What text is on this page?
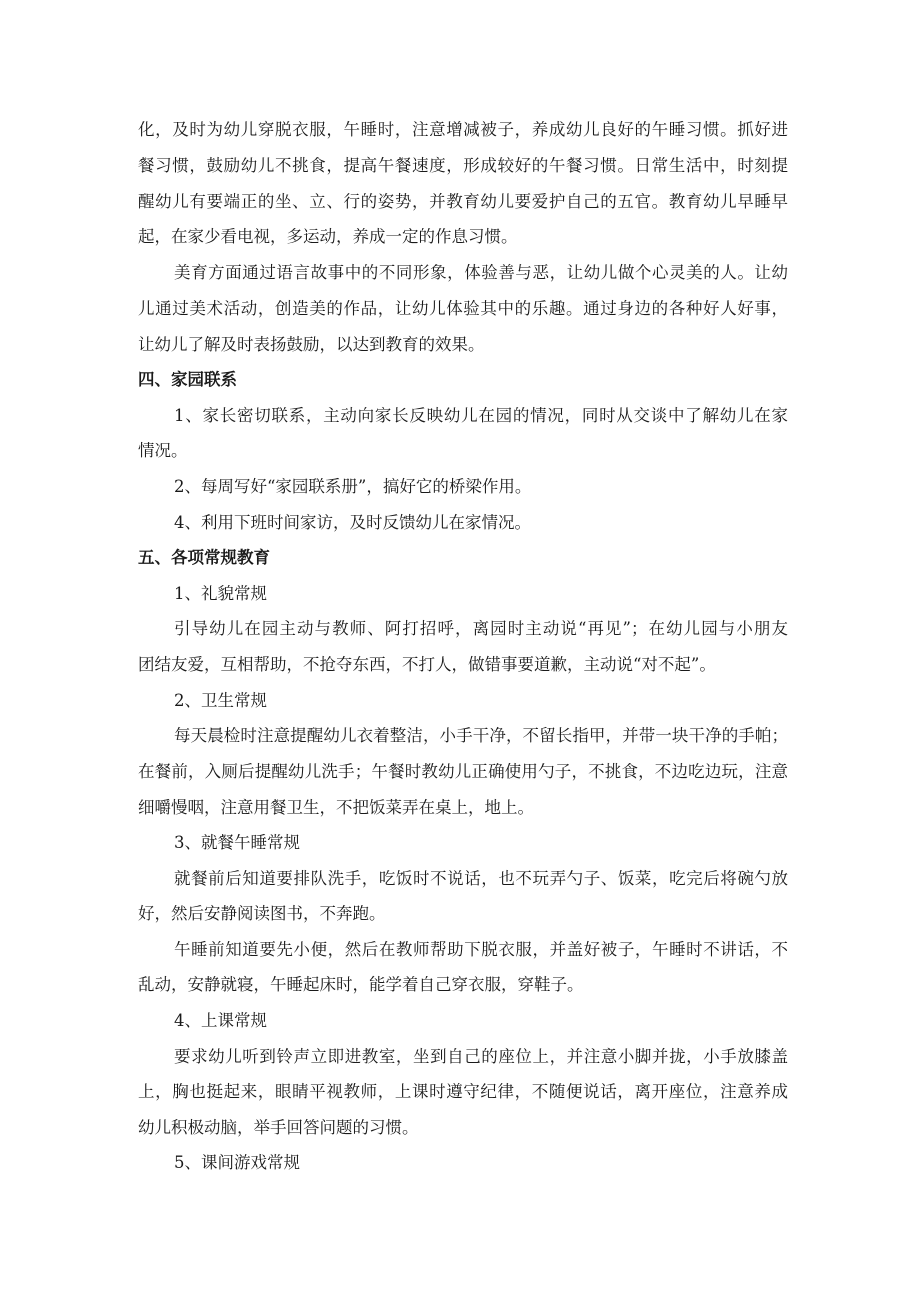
化，及时为幼儿穿脱衣服，午睡时，注意增减被子，养成幼儿良好的午睡习惯。抓好进
餐习惯，鼓励幼儿不挑食，提高午餐速度，形成较好的午餐习惯。日常生活中，时刻提
醒幼儿有要端正的坐、立、行的姿势，并教育幼儿要爱护自己的五官。教育幼儿早睡早
起，在家少看电视，多运动，养成一定的作息习惯。
美育方面通过语言故事中的不同形象，体验善与恶，让幼儿做个心灵美的人。让幼
儿通过美术活动，创造美的作品，让幼儿体验其中的乐趣。通过身边的各种好人好事，
让幼儿了解及时表扬鼓励，以达到教育的效果。
四、家园联系
1、家长密切联系，主动向家长反映幼儿在园的情况，同时从交谈中了解幼儿在家
情况。
2、每周写好“家园联系册”，搞好它的桥梁作用。
4、利用下班时间家访，及时反馈幼儿在家情况。
五、各项常规教育
1、礼貌常规
引导幼儿在园主动与教师、阿打招呼，离园时主动说“再见”；在幼儿园与小朋友
团结友爱，互相帮助，不抢夺东西，不打人，做错事要道歉，主动说“对不起”。
2、卫生常规
每天晨检时注意提醒幼儿衣着整洁，小手干净，不留长指甲，并带一块干净的手帕；
在餐前，入厕后提醒幼儿洗手；午餐时教幼儿正确使用勺子，不挑食，不边吃边玩，注意
细嚼慢咽，注意用餐卫生，不把饭菜弄在桌上，地上。
3、就餐午睡常规
就餐前后知道要排队洗手，吃饭时不说话，也不玩弄勺子、饭菜，吃完后将碗勺放
好，然后安静阅读图书，不奔跑。
午睡前知道要先小便，然后在教师帮助下脱衣服，并盖好被子，午睡时不讲话，不
乱动，安静就寝，午睡起床时，能学着自己穿衣服，穿鞋子。
4、上课常规
要求幼儿听到铃声立即进教室，坐到自己的座位上，并注意小脚并拢，小手放膝盖
上，胸也挺起来，眼睛平视教师，上课时遵守纪律，不随便说话，离开座位，注意养成
幼儿积极动脑，举手回答问题的习惯。
5、课间游戏常规
